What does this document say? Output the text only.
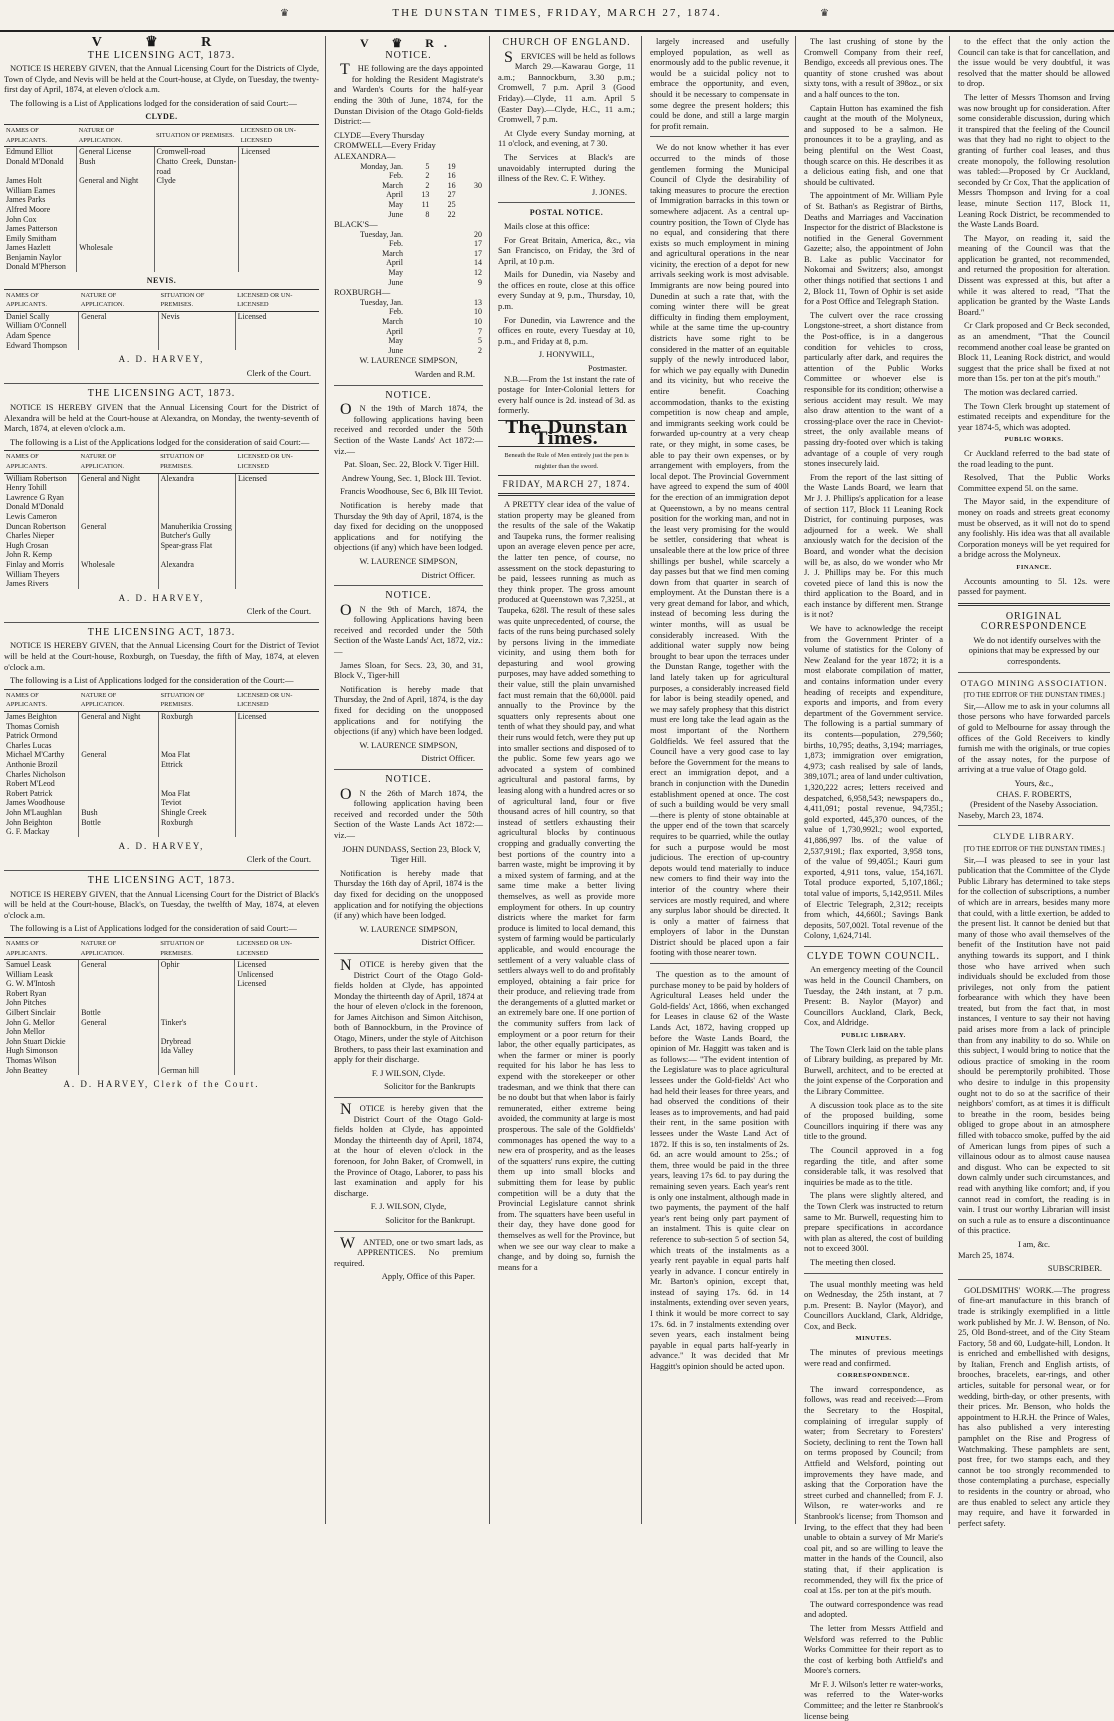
♛	THE DUNSTAN TIMES, FRIDAY, MARCH 27, 1874.	♛
V ♛ R
THE LICENSING ACT, 1873.

NOTICE IS HEREBY GIVEN, that the Annual Licensing Court for the Districts of Clyde, Town of Clyde, and Nevis will be held at the Court-house, at Clyde, on Tuesday, the twenty-first day of April, 1874, at eleven o'clock a.m.

The following is a List of Applications lodged for the consideration of said Court:—

CLYDE.
NAMES OF APPLICANTS.	NATURE OF APPLICATION.	SITUATION OF PREMISES.	LICENSED OR UN-LICENSED
Edmund Elliot	General License	Cromwell-road	Licensed
Donald M'Donald	Bush	Chatto Creek, Dunstan-road	
James Holt	General and Night	Clyde	
William Eames			
James Parks			
Alfred Moore			
John Cox			
James Patterson			
Emily Smitham			
James Hazlett	Wholesale		
Benjamin Naylor			
Donald M'Pherson			
NEVIS.
NAMES OF APPLICANTS.	NATURE OF APPLICATION.	SITUATION OF PREMISES.	LICENSED OR UN-LICENSED
Daniel Scally	General	Nevis	Licensed
William O'Connell			
Adam Spence			
Edward Thompson			
A. D. HARVEY,
Clerk of the Court.
THE LICENSING ACT, 1873.

NOTICE IS HEREBY GIVEN that the Annual Licensing Court for the District of Alexandra will be held at the Court-house at Alexandra, on Monday, the twenty-seventh of March, 1874, at eleven o'clock a.m.

The following is a List of the Applications lodged for the consideration of said Court:—

NAMES OF APPLICANTS.	NATURE OF APPLICATION.	SITUATION OF PREMISES.	LICENSED OR UN-LICENSED
William Robertson	General and Night	Alexandra	Licensed
Henry Tohill			
Lawrence G Ryan			
Donald M'Donald			
Lewis Cameron			
Duncan Robertson	General	Manuherikia Crossing	
Charles Nieper		Butcher's Gully	
Hugh Crosan		Spear-grass Flat	
John R. Kemp			
Finlay and Morris	Wholesale	Alexandra	
William Theyers			
James Rivers			
A. D. HARVEY,
Clerk of the Court.
THE LICENSING ACT, 1873.

NOTICE IS HEREBY GIVEN, that the Annual Licensing Court for the District of Teviot will be held at the Court-house, Roxburgh, on Tuesday, the fifth of May, 1874, at eleven o'clock a.m.

The following is a List of Applications lodged for the consideration of the Court:—

NAMES OF APPLICANTS.	NATURE OF APPLICATION.	SITUATION OF PREMISES.	LICENSED OR UN-LICENSED
James Beighton	General and Night	Roxburgh	Licensed
Thomas Cornish			
Patrick Ormond			
Charles Lucas			
Michael M'Carthy	General	Moa Flat	
Anthonie Brozil		Ettrick	
Charles Nicholson			
Robert M'Leod			
Robert Patrick		Moa Flat	
James Woodhouse		Teviot	
John M'Laughlan	Bush	Shingle Creek	
John Beighton	Bottle	Roxburgh	
G. F. Mackay			
A. D. HARVEY,
Clerk of the Court.
THE LICENSING ACT, 1873.

NOTICE IS HEREBY GIVEN, that the Annual Licensing Court for the District of Black's will be held at the Court-house, Black's, on Tuesday, the twelfth of May, 1874, at eleven o'clock a.m.

The following is a List of Applications lodged for the consideration of said Court:—

NAMES OF APPLICANTS.	NATURE OF APPLICATION.	SITUATION OF PREMISES.	LICENSED OR UN-LICENSED
Samuel Leask	General	Ophir	Licensed
William Leask			Unlicensed
G. W. M'Intosh			Licensed
Robert Ryan			
John Pitches			
Gilbert Sinclair	Bottle		
John G. Mellor	General	Tinker's	
John Mellor			
John Stuart Dickie		Drybread	
Hugh Simonson		Ida Valley	
Thomas Wilson			
John Beattey		German hill	
A. D. HARVEY, Clerk of the Court.
V ♛ R.
NOTICE.

THE following are the days appointed for holding the Resident Magistrate's and Warden's Courts for the half-year ending the 30th of June, 1874, for the Dunstan Division of the Otago Gold-fields District:—

CLYDE—Every Thursday
CROMWELL—Every Friday
ALEXANDRA—
Monday, Jan.	5	19	
Feb.	2	16	
March	2	16	30
April	13	27	
May	11	25	
June	8	22	
BLACK'S—
Tuesday, Jan.	20
Feb.	17
March	17
April	14
May	12
June	9
ROXBURGH—
Tuesday, Jan.	13
Feb.	10
March	10
April	7
May	5
June	2
W. LAURENCE SIMPSON,
Warden and R.M.
NOTICE.

ON the 19th of March 1874, the following applications having been received and recorded under the 50th Section of the Waste Lands' Act 1872:—viz.—

Pat. Sloan, Sec. 22, Block V. Tiger Hill.

Andrew Young, Sec. 1, Block III. Teviot.

Francis Woodhouse, Sec 6, Blk III Teviot.

Notification is hereby made that Thursday the 9th day of April, 1874, is the day fixed for deciding on the unopposed applications and for notifying the objections (if any) which have been lodged.

W. LAURENCE SIMPSON,
District Officer.
NOTICE.

ON the 9th of March, 1874, the following Applications having been received and recorded under the 50th Section of the Waste Lands' Act, 1872, viz.:—

James Sloan, for Secs. 23, 30, and 31, Block V., Tiger-hill

Notification is hereby made that Thursday, the 2nd of April, 1874, is the day fixed for deciding on the unopposed applications and for notifying the objections (if any) which have been lodged.

W. LAURENCE SIMPSON,
District Officer.
NOTICE.

ON the 26th of March 1874, the following application having been received and recorded under the 50th Section of the Waste Lands Act 1872:—viz.—

JOHN DUNDASS, Section 23, Block V, Tiger Hill.

Notification is hereby made that Thursday the 16th day of April, 1874 is the day fixed for deciding on the unopposed application and for notifying the objections (if any) which have been lodged.

W. LAURENCE SIMPSON,
District Officer.

NOTICE is hereby given that the District Court of the Otago Gold-fields holden at Clyde, has appointed Monday the thirteenth day of April, 1874 at the hour of eleven o'clock in the forenoon, for James Aitchison and Simon Aitchison, both of Bannockburn, in the Province of Otago, Miners, under the style of Aitchison Brothers, to pass their last examination and apply for their discharge.

F. J WILSON, Clyde.
Solicitor for the Bankrupts

NOTICE is hereby given that the District Court of the Otago Gold-fields holden at Clyde, has appointed Monday the thirteenth day of April, 1874, at the hour of eleven o'clock in the forenoon, for John Baker, of Cromwell, in the Province of Otago, Laborer, to pass his last examination and apply for his discharge.

F. J. WILSON, Clyde,
Solicitor for the Bankrupt.

WANTED, one or two smart lads, as APPRENTICES. No premium required.

Apply, Office of this Paper.
CHURCH OF ENGLAND.

SERVICES will be held as follows March 29.—Kawarau Gorge, 11 a.m.; Bannockburn, 3.30 p.m.; Cromwell, 7 p.m. April 3 (Good Friday).—Clyde, 11 a.m. April 5 (Easter Day).—Clyde, H.C., 11 a.m.; Cromwell, 7 p.m.

At Clyde every Sunday morning, at 11 o'clock, and evening, at 7 30.

The Services at Black's are unavoidably interrupted during the illness of the Rev. C. F. Withey.

J. JONES.
POSTAL NOTICE.

Mails close at this office:

For Great Britain, America, &c., via San Francisco, on Friday, the 3rd of April, at 10 p.m.

Mails for Dunedin, via Naseby and the offices en route, close at this office every Sunday at 9, p.m., Thursday, 10, p.m.

For Dunedin, via Lawrence and the offices en route, every Tuesday at 10, p.m., and Friday at 8, p.m.

J. HONYWILL,
Postmaster.

N.B.—From the 1st instant the rate of postage for Inter-Colonial letters for every half ounce is 2d. instead of 3d. as formerly.

The Dunstan Times.
Beneath the Rule of Men entirely just the pen is mightier than the sword.
FRIDAY, MARCH 27, 1874.

A PRETTY clear idea of the value of station property may be gleaned from the results of the sale of the Wakatip and Taupeka runs, the former realising upon an average eleven pence per acre, the latter ten pence, of course, no assessment on the stock depasturing to be paid, lessees running as much as they think proper. The gross amount produced at Queenstown was 7,325l., at Taupeka, 628l. The result of these sales was quite unprecedented, of course, the facts of the runs being purchased solely by persons living in the immediate vicinity, and using them both for depasturing and wool growing purposes, may have added something to their value, still the plain unvarnished fact must remain that the 60,000l. paid annually to the Province by the squatters only represents about one tenth of what they should pay, and what their runs would fetch, were they put up into smaller sections and disposed of to the public. Some few years ago we advocated a system of combined agricultural and pastoral farms, by leasing along with a hundred acres or so of agricultural land, four or five thousand acres of hill country, so that instead of settlers exhausting their agricultural blocks by continuous cropping and gradually converting the best portions of the country into a barren waste, might be improving it by a mixed system of farming, and at the same time make a better living themselves, as well as provide more employment for others. In up country districts where the market for farm produce is limited to local demand, this system of farming would be particularly applicable, and would encourage the settlement of a very valuable class of settlers always well to do and profitably employed, obtaining a fair price for their produce, and relieving trade from the derangements of a glutted market or an extremely bare one. If one portion of the community suffers from lack of employment or a poor return for their labor, the other equally participates, as when the farmer or miner is poorly requited for his labor he has less to expend with the storekeeper or other tradesman, and we think that there can be no doubt but that when labor is fairly remunerated, either extreme being avoided, the community at large is most prosperous. The sale of the Goldfields' commonages has opened the way to a new era of prosperity, and as the leases of the squatters' runs expire, the cutting them up into small blocks and submitting them for lease by public competition will be a duty that the Provincial Legislature cannot shrink from. The squatters have been useful in their day, they have done good for themselves as well for the Province, but when we see our way clear to make a change, and by doing so, furnish the means for a

largely increased and usefully employed population, as well as enormously add to the public revenue, it would be a suicidal policy not to embrace the opportunity, and even, should it be necessary to compensate in some degree the present holders; this could be done, and still a large margin for profit remain.

We do not know whether it has ever occurred to the minds of those gentlemen forming the Municipal Council of Clyde the desirability of taking measures to procure the erection of Immigration barracks in this town or somewhere adjacent. As a central up-country position, the Town of Clyde has no equal, and considering that there exists so much employment in mining and agricultural operations in the near vicinity, the erection of a depot for new arrivals seeking work is most advisable. Immigrants are now being poured into Dunedin at such a rate that, with the coming winter there will be great difficulty in finding them employment, while at the same time the up-country districts have some right to be considered in the matter of an equitable supply of the newly introduced labor, for which we pay equally with Dunedin and its vicinity, but who receive the entire benefit. Coaching accommodation, thanks to the existing competition is now cheap and ample, and immigrants seeking work could be forwarded up-country at a very cheap rate, or they might, in some cases, be able to pay their own expenses, or by arrangement with employers, from the local depot. The Provincial Government have agreed to expend the sum of 400l for the erection of an immigration depot at Queenstown, a by no means central position for the working man, and not in the least very promising for the would be settler, considering that wheat is unsaleable there at the low price of three shillings per bushel, while scarcely a day passes but that we find men coming down from that quarter in search of employment. At the Dunstan there is a very great demand for labor, and which, instead of becoming less during the winter months, will as usual be considerably increased. With the additional water supply now being brought to bear upon the terraces under the Dunstan Range, together with the land lately taken up for agricultural purposes, a considerably increased field for labor is being steadily opened, and we may safely prophesy that this district must ere long take the lead again as the most important of the Northern Goldfields. We feel assured that the Council have a very good case to lay before the Government for the means to erect an immigration depot, and a branch in conjunction with the Dunedin establishment opened at once. The cost of such a building would be very small—there is plenty of stone obtainable at the upper end of the town that scarcely requires to be quarried, while the outlay for such a purpose would be most judicious. The erection of up-country depots would tend materially to induce new comers to find their way into the interior of the country where their services are mostly required, and where any surplus labor should be directed. It is only a matter of fairness that employers of labor in the Dunstan District should be placed upon a fair footing with those nearer town.

The question as to the amount of purchase money to be paid by holders of Agricultural Leases held under the Gold-fields' Act, 1866, when exchanged for Leases in clause 62 of the Waste Lands Act, 1872, having cropped up before the Waste Lands Board, the opinion of Mr. Haggitt was taken and is as follows:— "The evident intention of the Legislature was to place agricultural lessees under the Gold-fields' Act who had held their leases for three years, and had observed the conditions of their leases as to improvements, and had paid their rent, in the same position with lessees under the Waste Land Act of 1872. If this is so, ten instalments of 2s. 6d. an acre would amount to 25s.; of them, three would be paid in the three years, leaving 17s 6d. to pay during the remaining seven years. Each year's rent is only one instalment, although made in two payments, the payment of the half year's rent being only part payment of an instalment. This is quite clear on reference to sub-section 5 of section 54, which treats of the instalments as a yearly rent payable in equal parts half yearly in advance. I concur entirely in Mr. Barton's opinion, except that, instead of saying 17s. 6d. in 14 instalments, extending over seven years, I think it would be more correct to say 17s. 6d. in 7 instalments extending over seven years, each instalment being payable in equal parts half-yearly in advance." It was decided that Mr Haggitt's opinion should be acted upon.

The last crushing of stone by the Cromwell Company from their reef, Bendigo, exceeds all previous ones. The quantity of stone crushed was about sixty tons, with a result of 398oz., or six and a half ounces to the ton.

Captain Hutton has examined the fish caught at the mouth of the Molyneux, and supposed to be a salmon. He pronounces it to be a grayling, and as being plentiful on the West Coast, though scarce on this. He describes it as a delicious eating fish, and one that should be cultivated.

The appointment of Mr. William Pyle of St. Bathan's as Registrar of Births, Deaths and Marriages and Vaccination Inspector for the district of Blackstone is notified in the General Government Gazette; also, the appointment of John B. Lake as public Vaccinator for Nokomai and Switzers; also, amongst other things notified that sections 1 and 2, Block 11, Town of Ophir is set aside for a Post Office and Telegraph Station.

The culvert over the race crossing Longstone-street, a short distance from the Post-office, is in a dangerous condition for vehicles to cross, particularly after dark, and requires the attention of the Public Works Committee or whoever else is responsible for its condition; otherwise a serious accident may result. We may also draw attention to the want of a crossing-place over the race in Cheviot-street, the only available means of passing dry-footed over which is taking advantage of a couple of very rough stones insecurely laid.

From the report of the last sitting of the Waste Lands Board, we learn that Mr J. J. Phillips's application for a lease of section 117, Block 11 Leaning Rock District, for continuing purposes, was adjourned for a week. We shall anxiously watch for the decision of the Board, and wonder what the decision will be, as also, do we wonder who Mr J. J. Phillips may be. For this much coveted piece of land this is now the third application to the Board, and in each instance by different men. Strange is it not?

We have to acknowledge the receipt from the Government Printer of a volume of statistics for the Colony of New Zealand for the year 1872; it is a most elaborate compilation of matter, and contains information under every heading of receipts and expenditure, exports and imports, and from every department of the Government service. The following is a partial summary of its contents—population, 279,560; births, 10,795; deaths, 3,194; marriages, 1,873; immigration over emigration, 4,973; cash realised by sale of lands, 389,107l.; area of land under cultivation, 1,320,222 acres; letters received and despatched, 6,958,543; newspapers do., 4,411,091; postal revenue, 94,735l.; gold exported, 445,370 ounces, of the value of 1,730,992l.; wool exported, 41,886,997 lbs. of the value of 2,537,919l.; flax exported, 3,958 tons, of the value of 99,405l.; Kauri gum exported, 4,911 tons, value, 154,167l. Total produce exported, 5,107,186l.; total value of imports, 5,142,951l. Miles of Electric Telegraph, 2,312; receipts from which, 44,660l.; Savings Bank deposits, 507,002l. Total revenue of the Colony, 1,624,714l.

CLYDE TOWN COUNCIL.

An emergency meeting of the Council was held in the Council Chambers, on Tuesday, the 24th instant, at 7 p.m. Present: B. Naylor (Mayor) and Councillors Auckland, Clark, Beck, Cox, and Aldridge.

PUBLIC LIBRARY.

The Town Clerk laid on the table plans of Library building, as prepared by Mr. Burwell, architect, and to be erected at the joint expense of the Corporation and the Library Committee.

A discussion took place as to the site of the proposed building, some Councillors inquiring if there was any title to the ground.

The Council approved in a fog regarding the title, and after some considerable talk, it was resolved that inquiries be made as to the title.

The plans were slightly altered, and the Town Clerk was instructed to return same to Mr. Burwell, requesting him to prepare specifications in accordance with plan as altered, the cost of building not to exceed 300l.

The meeting then closed.

The usual monthly meeting was held on Wednesday, the 25th instant, at 7 p.m. Present: B. Naylor (Mayor), and Councillors Auckland, Clark, Aldridge, Cox, and Beck.

MINUTES.

The minutes of previous meetings were read and confirmed.

CORRESPONDENCE.

The inward correspondence, as follows, was read and received:—From the Secretary to the Hospital, complaining of irregular supply of water; from Secretary to Foresters' Society, declining to rent the Town hall on terms proposed by Council; from Attfield and Welsford, pointing out improvements they have made, and asking that the Corporation have the street curbed and channelled; from F. J. Wilson, re water-works and re Stanbrook's license; from Thomson and Irving, to the effect that they had been unable to obtain a survey of Mr Marie's coal pit, and so are willing to leave the matter in the hands of the Council, also stating that, if their application is recommended, they will fix the price of coal at 15s. per ton at the pit's mouth.

The outward correspondence was read and adopted.

The letter from Messrs Attfield and Welsford was referred to the Public Works Committee for their report as to the cost of kerbing both Attfield's and Moore's corners.

Mr F. J. Wilson's letter re water-works, was referred to the Water-works Committee; and the letter re Stanbrook's license being

to the effect that the only action the Council can take is that for cancellation, and the issue would be very doubtful, it was resolved that the matter should be allowed to drop.

The letter of Messrs Thomson and Irving was now brought up for consideration. After some considerable discussion, during which it transpired that the feeling of the Council was that they had no right to object to the granting of further coal leases, and thus create monopoly, the following resolution was tabled:—Proposed by Cr Auckland, seconded by Cr Cox, That the application of Messrs Thompson and Irving for a coal lease, minute Section 117, Block 11, Leaning Rock District, be recommended to the Waste Lands Board.

The Mayor, on reading it, said the meaning of the Council was that the application be granted, not recommended, and returned the proposition for alteration. Dissent was expressed at this, but after a while it was altered to read, "That the application be granted by the Waste Lands Board."

Cr Clark proposed and Cr Beck seconded, as an amendment, "That the Council recommend another coal lease be granted on Block 11, Leaning Rock district, and would suggest that the price shall be fixed at not more than 15s. per ton at the pit's mouth."

The motion was declared carried.

The Town Clerk brought up statement of estimated receipts and expenditure for the year 1874-5, which was adopted.

PUBLIC WORKS.

Cr Auckland referred to the bad state of the road leading to the punt.

Resolved, That the Public Works Committee expend 5l. on the same.

The Mayor said, in the expenditure of money on roads and streets great economy must be observed, as it will not do to spend any foolishly. His idea was that all available Corporation moneys will be yet required for a bridge across the Molyneux.

FINANCE.

Accounts amounting to 5l. 12s. were passed for payment.

ORIGINAL CORRESPONDENCE

We do not identify ourselves with the opinions that may be expressed by our correspondents.

OTAGO MINING ASSOCIATION.
[TO THE EDITOR OF THE DUNSTAN TIMES.]

Sir,—Allow me to ask in your columns all those persons who have forwarded parcels of gold to Melbourne for assay through the offices of the Gold Receivers to kindly furnish me with the originals, or true copies of the assay notes, for the purpose of arriving at a true value of Otago gold.

Yours, &c.,
CHAS. F. ROBERTS,
(President of the Naseby Association.
Naseby, March 23, 1874.
CLYDE LIBRARY.
[TO THE EDITOR OF THE DUNSTAN TIMES.]

Sir,—I was pleased to see in your last publication that the Committee of the Clyde Public Library has determined to take steps for the collection of subscriptions, a number of which are in arrears, besides many more that could, with a little exertion, be added to the present list. It cannot be denied but that many of those who avail themselves of the benefit of the Institution have not paid anything towards its support, and I think those who have arrived when such individuals should be excluded from those privileges, not only from the patient forbearance with which they have been treated, but from the fact that, in most instances, I venture to say their not having paid arises more from a lack of principle than from any inability to do so. While on this subject, I would bring to notice that the odious practice of smoking in the room should be peremptorily prohibited. Those who desire to indulge in this propensity ought not to do so at the sacrifice of their neighbors' comfort, as at times it is difficult to breathe in the room, besides being obliged to grope about in an atmosphere filled with tobacco smoke, puffed by the aid of American lungs from pipes of such a villainous odour as to almost cause nausea and disgust. Who can be expected to sit down calmly under such circumstances, and read with anything like comfort; and, if you cannot read in comfort, the reading is in vain. I trust our worthy Librarian will insist on such a rule as to ensure a discontinuance of this practice.

I am, &c.
March 25, 1874.
SUBSCRIBER.

GOLDSMITHS' WORK.—The progress of fine-art manufacture in this branch of trade is strikingly exemplified in a little work published by Mr. J. W. Benson, of No. 25, Old Bond-street, and of the City Steam Factory, 58 and 60, Ludgate-hill, London. It is enriched and embellished with designs, by Italian, French and English artists, of brooches, bracelets, ear-rings, and other articles, suitable for personal wear, or for wedding, birth-day, or other presents, with their prices. Mr. Benson, who holds the appointment to H.R.H. the Prince of Wales, has also published a very interesting pamphlet on the Rise and Progress of Watchmaking. These pamphlets are sent, post free, for two stamps each, and they cannot be too strongly recommended to those contemplating a purchase, especially to residents in the country or abroad, who are thus enabled to select any article they may require, and have it forwarded in perfect safety.
